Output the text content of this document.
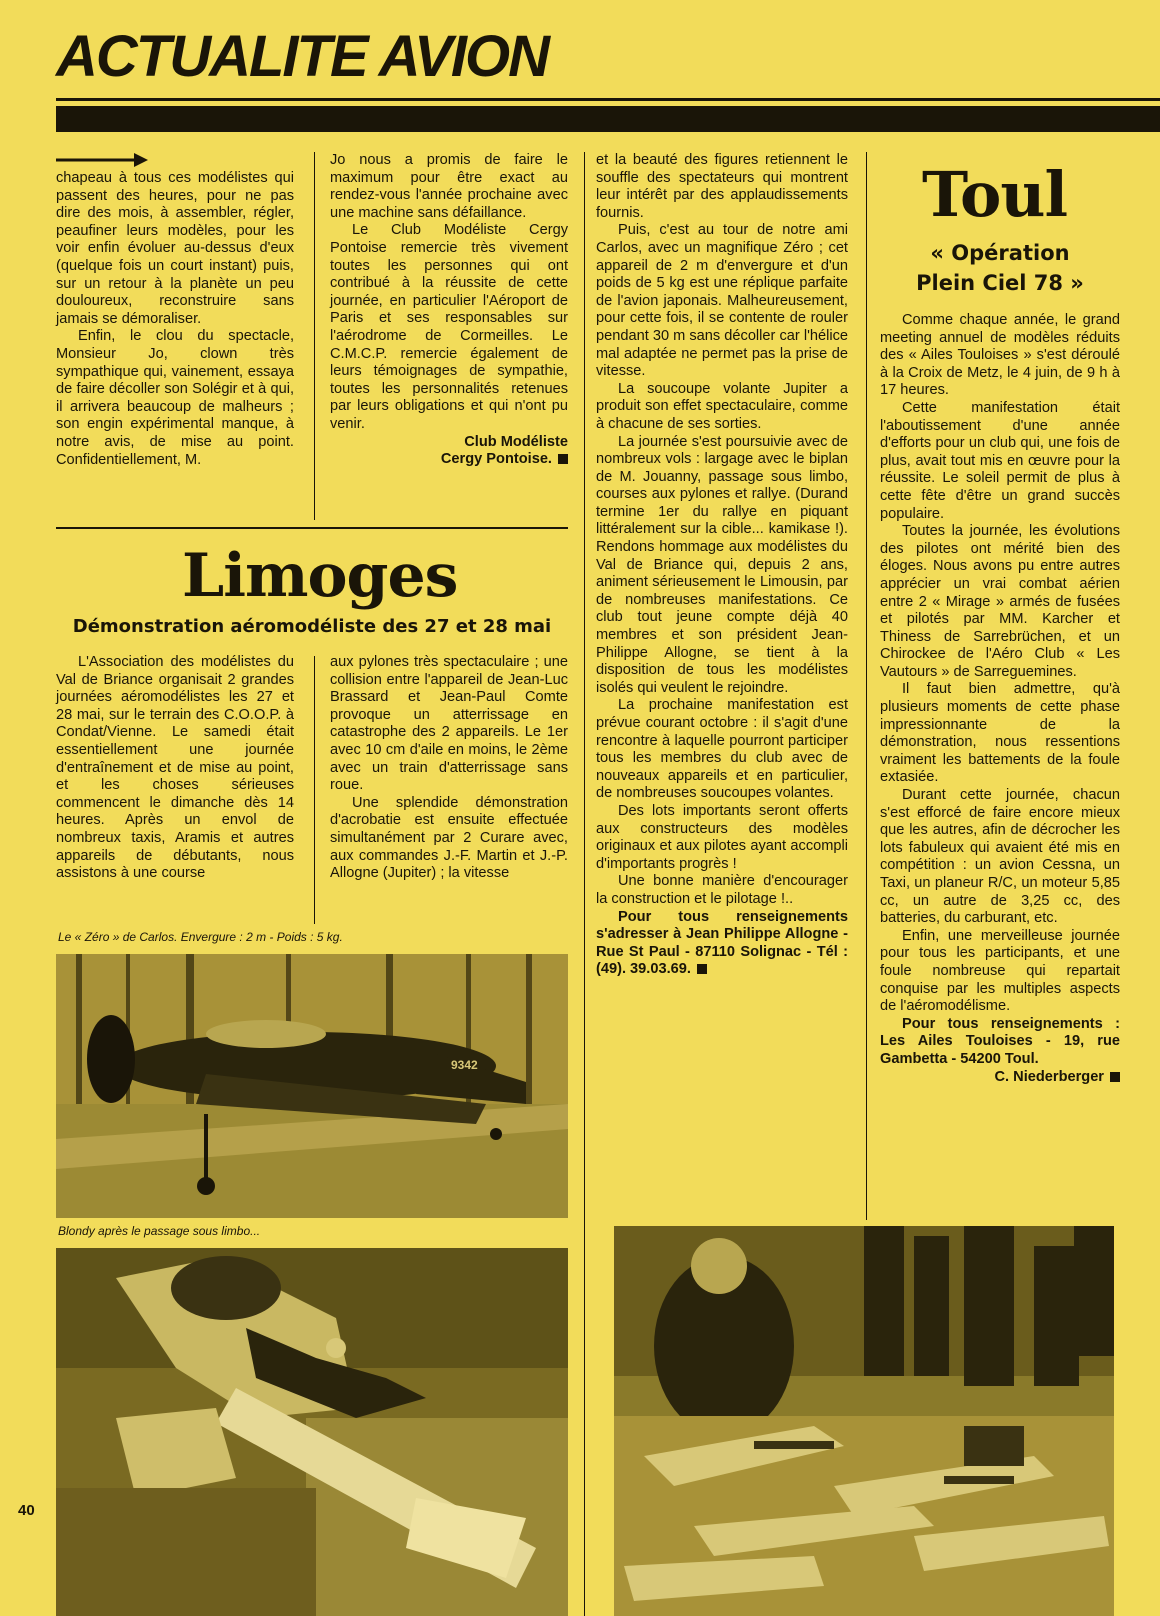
ACTUALITE AVION

chapeau à tous ces modélistes qui passent des heures, pour ne pas dire des mois, à assembler, régler, peaufiner leurs modèles, pour les voir enfin évoluer au-dessus d'eux (quelque fois un court instant) puis, sur un retour à la planète un peu douloureux, reconstruire sans jamais se démoraliser.

Enfin, le clou du spectacle, Monsieur Jo, clown très sympathique qui, vainement, essaya de faire décoller son Solégir et à qui, il arrivera beaucoup de malheurs ; son engin expérimental manque, à notre avis, de mise au point. Confidentiellement, M.

Jo nous a promis de faire le maximum pour être exact au rendez-vous l'année prochaine avec une machine sans défaillance.

Le Club Modéliste Cergy Pontoise remercie très vivement toutes les personnes qui ont contribué à la réussite de cette journée, en particulier l'Aéroport de Paris et ses responsables sur l'aérodrome de Cormeilles. Le C.M.C.P. remercie également de leurs témoignages de sympathie, toutes les personnalités retenues par leurs obligations et qui n'ont pu venir.

Club Modéliste

Cergy Pontoise.

Limoges
Démonstration aéromodéliste des 27 et 28 mai

L'Association des modélistes du Val de Briance organisait 2 grandes journées aéromodélistes les 27 et 28 mai, sur le terrain des C.O.O.P. à Condat/Vienne. Le samedi était essentiellement une journée d'entraînement et de mise au point, et les choses sérieuses commencent le dimanche dès 14 heures. Après un envol de nombreux taxis, Aramis et autres appareils de débutants, nous assistons à une course

aux pylones très spectaculaire ; une collision entre l'appareil de Jean-Luc Brassard et Jean-Paul Comte provoque un atterrissage en catastrophe des 2 appareils. Le 1er avec 10 cm d'aile en moins, le 2ème avec un train d'atterrissage sans roue.

Une splendide démonstration d'acrobatie est ensuite effectuée simultanément par 2 Curare avec, aux commandes J.-F. Martin et J.-P. Allogne (Jupiter) ; la vitesse

et la beauté des figures retiennent le souffle des spectateurs qui montrent leur intérêt par des applaudissements fournis.

Puis, c'est au tour de notre ami Carlos, avec un magnifique Zéro ; cet appareil de 2 m d'envergure et d'un poids de 5 kg est une réplique parfaite de l'avion japonais. Malheureusement, pour cette fois, il se contente de rouler pendant 30 m sans décoller car l'hélice mal adaptée ne permet pas la prise de vitesse.

La soucoupe volante Jupiter a produit son effet spectaculaire, comme à chacune de ses sorties.

La journée s'est poursuivie avec de nombreux vols : largage avec le biplan de M. Jouanny, passage sous limbo, courses aux pylones et rallye. (Durand termine 1er du rallye en piquant littéralement sur la cible... kamikase !). Rendons hommage aux modélistes du Val de Briance qui, depuis 2 ans, animent sérieusement le Limousin, par de nombreuses manifestations. Ce club tout jeune compte déjà 40 membres et son président Jean-Philippe Allogne, se tient à la disposition de tous les modélistes isolés qui veulent le rejoindre.

La prochaine manifestation est prévue courant octobre : il s'agit d'une rencontre à laquelle pourront participer tous les membres du club avec de nouveaux appareils et en particulier, de nombreuses soucoupes volantes.

Des lots importants seront offerts aux constructeurs des modèles originaux et aux pilotes ayant accompli d'importants progrès !

Une bonne manière d'encourager la construction et le pilotage !..

Pour tous renseignements s'adresser à Jean Philippe Allogne - Rue St Paul - 87110 Solignac - Tél : (49). 39.03.69.

Toul
« Opération
Plein Ciel 78 »

Comme chaque année, le grand meeting annuel de modèles réduits des « Ailes Touloises » s'est déroulé à la Croix de Metz, le 4 juin, de 9 h à 17 heures.

Cette manifestation était l'aboutissement d'une année d'efforts pour un club qui, une fois de plus, avait tout mis en œuvre pour la réussite. Le soleil permit de plus à cette fête d'être un grand succès populaire.

Toutes la journée, les évolutions des pilotes ont mérité bien des éloges. Nous avons pu entre autres apprécier un vrai combat aérien entre 2 « Mirage » armés de fusées et pilotés par MM. Karcher et Thiness de Sarrebrüchen, et un Chirockee de l'Aéro Club « Les Vautours » de Sarreguemines.

Il faut bien admettre, qu'à plusieurs moments de cette phase impressionnante de la démonstration, nous ressentions vraiment les battements de la foule extasiée.

Durant cette journée, chacun s'est efforcé de faire encore mieux que les autres, afin de décrocher les lots fabuleux qui avaient été mis en compétition : un avion Cessna, un Taxi, un planeur R/C, un moteur 5,85 cc, un autre de 3,25 cc, des batteries, du carburant, etc.

Enfin, une merveilleuse journée pour tous les participants, et une foule nombreuse qui repartait conquise par les multiples aspects de l'aéromodélisme.

Pour tous renseignements : Les Ailes Touloises - 19, rue Gambetta - 54200 Toul.

C. Niederberger

Le « Zéro » de Carlos. Envergure : 2 m - Poids : 5 kg.
9342
Blondy après le passage sous limbo...
40
